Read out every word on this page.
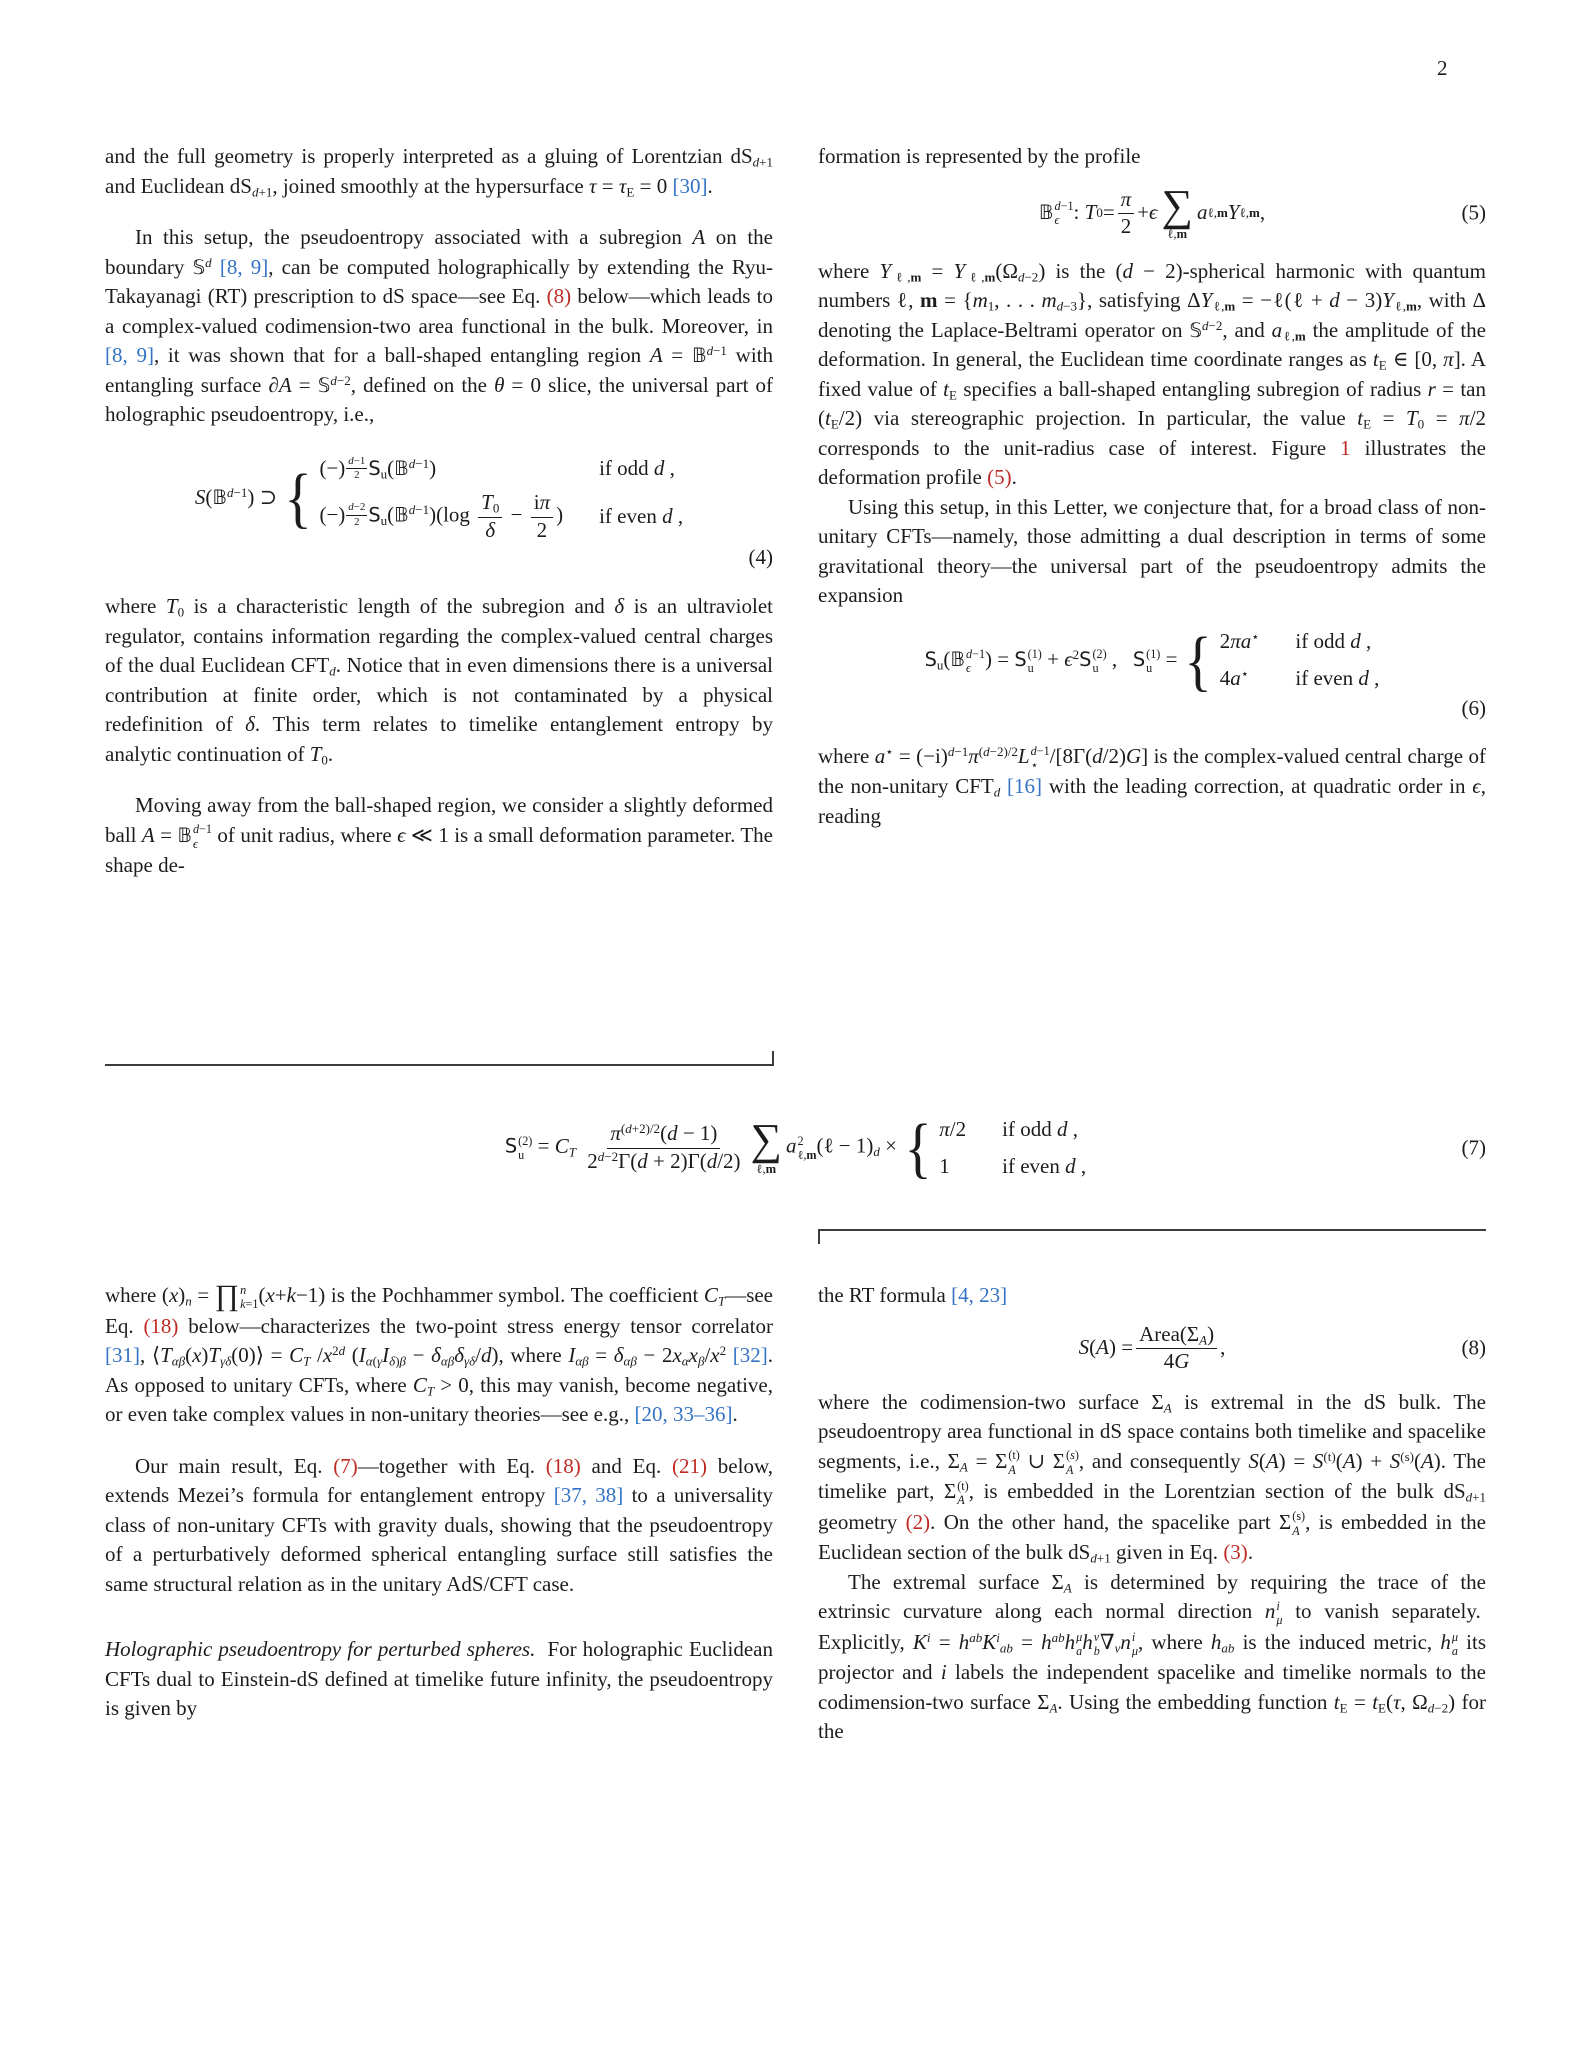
2

and the full geometry is properly interpreted as a gluing of Lorentzian $dS_{d+1}$ and Euclidean $dS_{d+1}$, joined smoothly at the hypersurface $\tau = \tau_E = 0$ [30].

In this setup, the pseudoentropy associated with a subregion A on the boundary 𝕊$^d$ [8, 9], can be computed holographically by extending the Ryu-Takayanagi (RT) prescription to dS space—see Eq. (8) below—which leads to a complex-valued codimension-two area functional in the bulk. Moreover, in [8, 9], it was shown that for a ball-shaped entangling region A = 𝔹$^{d-1}$ with entangling surface ∂A = 𝕊$^{d-2}$, defined on the θ = 0 slice, the universal part of holographic pseudoentropy, i.e.,

S(𝔹$^{d-1}$) ⊃ { (−) $\frac{d-1}{2}$ $S_u(𝔹^{d-1})$	if odd d ,
(−) $\frac{d-2}{2}$ $S_u(𝔹^{d-1})(\log \frac{T_0}{\delta} - \frac{i\pi}{2}$ ) if even d ,
(4)

where $T_0$ is a characteristic length of the subregion and δ is an ultraviolet regulator, contains information regarding the complex-valued central charges of the dual Euclidean $CFT_d$. Notice that in even dimensions there is a universal contribution at finite order, which is not contaminated by a physical redefinition of δ. This term relates to timelike entanglement entropy by analytic continuation of $T_0$.

Moving away from the ball-shaped region, we consider a slightly deformed ball A = 𝔹 d−1
ϵ of unit radius, where ϵ ≪ 1 is a small deformation parameter. The shape de-

formation is represented by the profile

𝔹 d−1
ϵ : T $0 = \frac{\pi}{2} + \epsilon$ ∑
ℓ,m
a ℓ,m Y ℓ,m ,	(5)

where $Y_{\ell,m} = Y_{\ell,m}(\Omega_{d-2})$ is the (d − 2)-spherical harmonic with quantum numbers ℓ, $m = \{m_1$, . . . $m_{d-3}$}, satisfying $\Delta Y_{\ell,m}$ = −ℓ(ℓ + $d - 3)Y_{\ell,m}$, with Δ denoting the Laplace-Beltrami operator on 𝕊$^{d-2}$, and $a_{\ell,m}$ the amplitude of the deformation. In general, the Euclidean time coordinate ranges as $t_E$ ∈ [0, π]. A fixed value of $t_E$ specifies a ball-shaped entangling subregion of radius $r = \tan (t_E/2)$ via stereographic projection. In particular, the value $t_E = T_0 = \pi/2$ corresponds to the unit-radius case of interest. Figure 1 illustrates the deformation profile (5).

Using this setup, in this Letter, we conjecture that, for a broad class of non-unitary CFTs—namely, those admitting a dual description in terms of some gravitational theory—the universal part of the pseudoentropy admits the expansion

$S_u(𝔹$ d−1
ϵ ) = S (1)
$u + \epsilon^2S$ (2)
u ,  S (1)
u = { 2πa⋆ if odd d ,
4a⋆	if even d ,
(6)

where $a^⋆ = (-i)^{d-1}\pi^{(d-2)/2}L$ d−1
⋆ /[8Γ(d/2)G] is the complex-valued central charge of the non-unitary $CFT_d$ [16] with the leading correction, at quadratic order in ϵ, reading

S (2)
$u = C_T \frac{\pi^{(d+2)/2}(d - 1)}{2^{d-2}\Gamma(d + 2)\Gamma(d/2)}$ ∑
ℓ,m
a 2
ℓ,m (ℓ − $1)_d$ × { π/2 if odd d ,
1	if even d ,
(7)

where $(x)_n$ = ∏ n
k=1 (x+k−1) is the Pochhammer symbol. The coefficient $C_T—see$ Eq. (18) below—characterizes the two-point stress energy tensor correlator [31], $⟨T_{\alpha\beta}(x)T_{\gamma\delta}(0)⟩ = C_T$ $/x^{2d}$ $(I_{\alpha(\gamma}I_{\delta)\beta} - \delta_{\alpha\beta}\delta_{\gamma\delta}/d)$, where $I_{\alpha\beta} = \delta_{\alpha\beta} - 2x_\alpha x_\beta/x^2$ [32]. As opposed to unitary CFTs, where $C_T > 0$, this may vanish, become negative, or even take complex values in non-unitary theories—see e.g., [20, 33–36].

Our main result, Eq. (7)—together with Eq. (18) and Eq. (21) below, extends Mezei’s formula for entanglement entropy [37, 38] to a universality class of non-unitary CFTs with gravity duals, showing that the pseudoentropy of a perturbatively deformed spherical entangling surface still satisfies the same structural relation as in the unitary AdS/CFT case.

Holographic pseudoentropy for perturbed spheres.  For holographic Euclidean CFTs dual to Einstein-dS defined at timelike future infinity, the pseudoentropy is given by

the RT formula [4, 23]

S ( A ) = $\frac{Area(\Sigma_A)}{4G}$ ,	(8)

where the codimension-two surface $\Sigma_A$ is extremal in the dS bulk. The pseudoentropy area functional in dS space contains both timelike and spacelike segments, i.e., $\Sigma_A = \Sigma$ (t)
A ∪ Σ (s)
A , and consequently $S(A) = S^{(t)}(A) + S^{(s)}(A)$. The timelike part, Σ (t)
A , is embedded in the Lorentzian section of the bulk $dS_{d+1}$ geometry (2). On the other hand, the spacelike part Σ (s)
A , is embedded in the Euclidean section of the bulk $dS_{d+1}$ given in Eq. (3).

The extremal surface $\Sigma_A$ is determined by requiring the trace of the extrinsic curvature along each normal direction n i
μ to vanish separately.  Explicitly, $K^i = h^{ab}K^i_{ab} = h^{ab}h$ μ
a h ν
b $\nabla_\nu n$ i
μ , where $h_{ab}$ is the induced metric, h μ
a its projector and i labels the independent spacelike and timelike normals to the codimension-two surface $\Sigma_A$. Using the embedding function $t_E = t_E(\tau$, $\Omega_{d-2}$) for the
